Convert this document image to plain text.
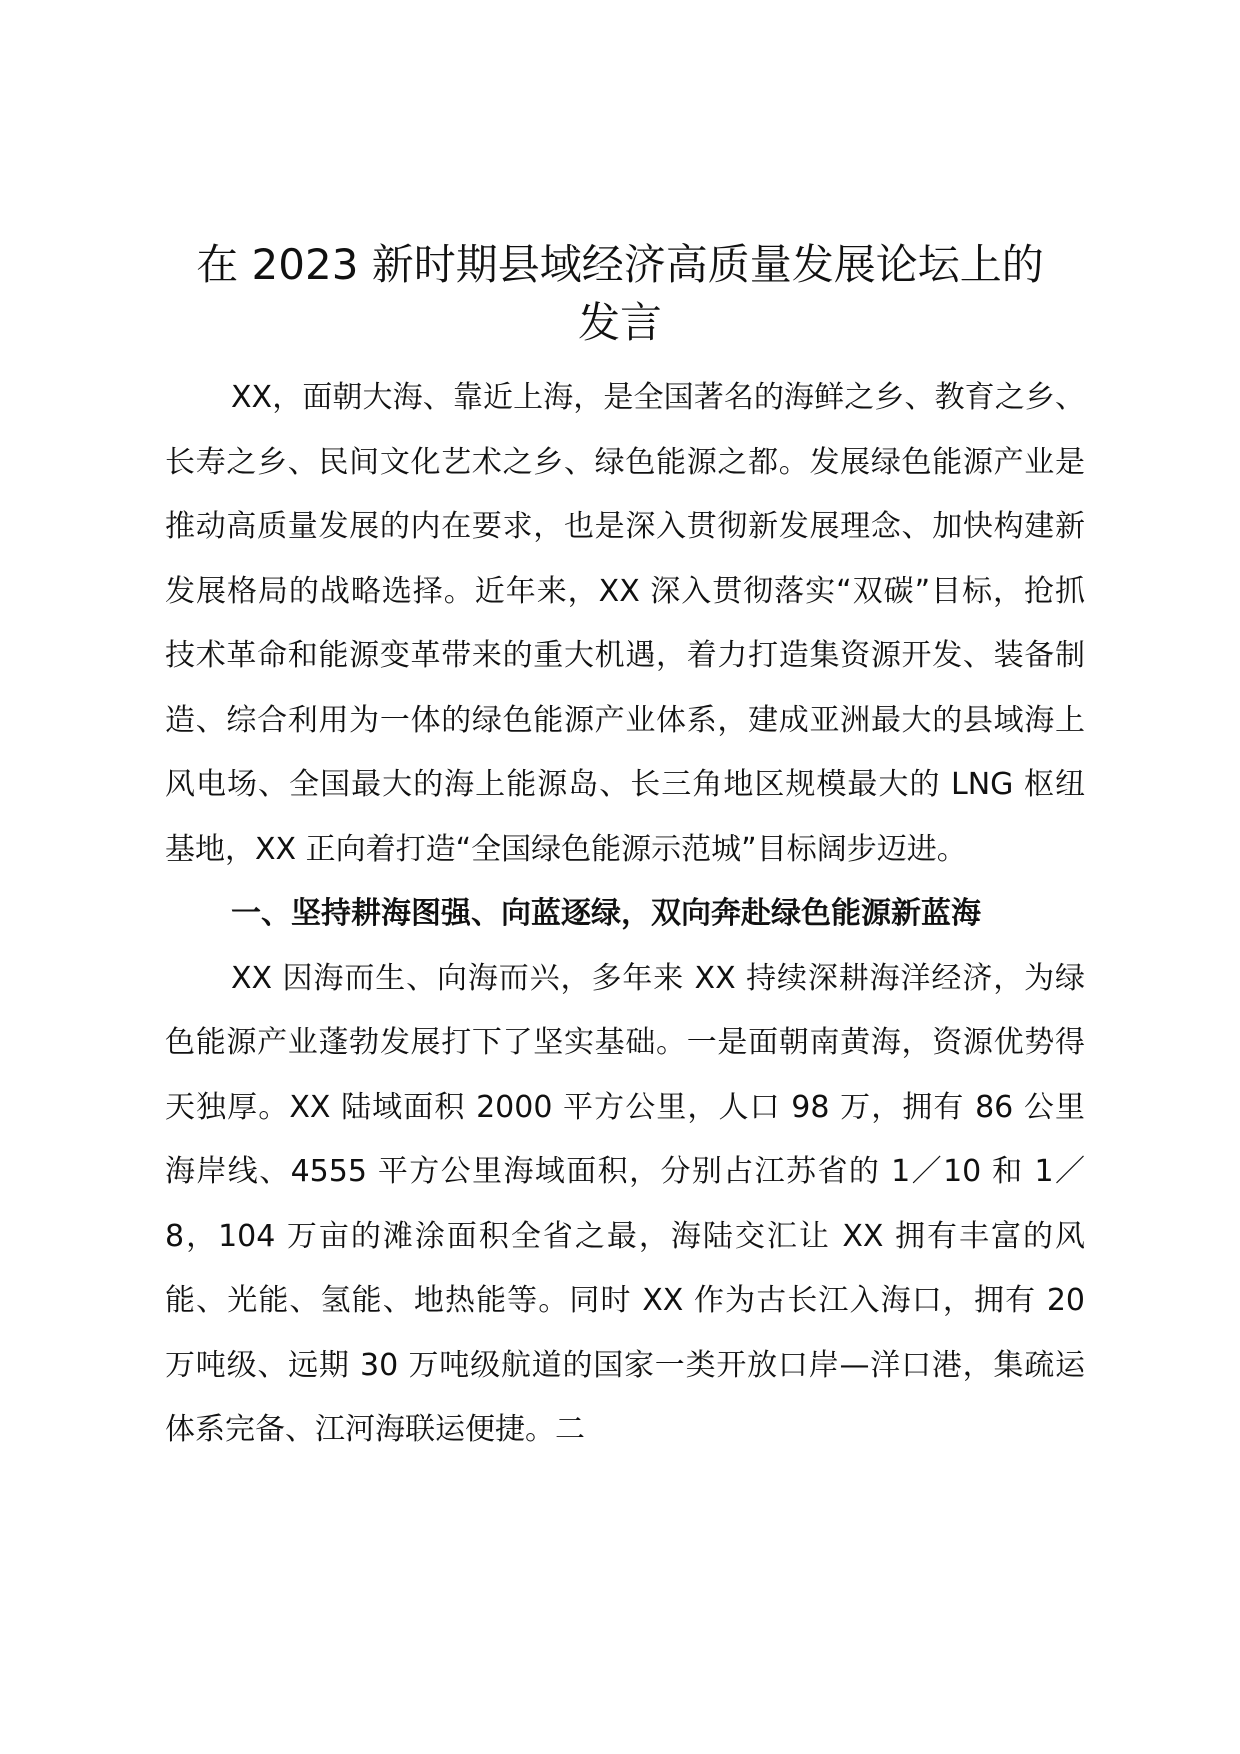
在 2023 新时期县域经济高质量发展论坛上的
发言

XX，面朝大海、靠近上海，是全国著名的海鲜之乡、教育之乡、长寿之乡、民间文化艺术之乡、绿色能源之都。发展绿色能源产业是推动高质量发展的内在要求，也是深入贯彻新发展理念、加快构建新发展格局的战略选择。近年来，XX 深入贯彻落实“双碳”目标，抢抓技术革命和能源变革带来的重大机遇，着力打造集资源开发、装备制造、综合利用为一体的绿色能源产业体系，建成亚洲最大的县域海上风电场、全国最大的海上能源岛、长三角地区规模最大的 LNG 枢纽基地，XX 正向着打造“全国绿色能源示范城”目标阔步迈进。

一、坚持耕海图强、向蓝逐绿，双向奔赴绿色能源新蓝海

XX 因海而生、向海而兴，多年来 XX 持续深耕海洋经济，为绿色能源产业蓬勃发展打下了坚实基础。一是面朝南黄海，资源优势得天独厚。XX 陆域面积 2000 平方公里，人口 98 万，拥有 86 公里海岸线、4555 平方公里海域面积，分别占江苏省的 1／10 和 1／8，104 万亩的滩涂面积全省之最，海陆交汇让 XX 拥有丰富的风能、光能、氢能、地热能等。同时 XX 作为古长江入海口，拥有 20 万吨级、远期 30 万吨级航道的国家一类开放口岸—洋口港，集疏运体系完备、江河海联运便捷。二
